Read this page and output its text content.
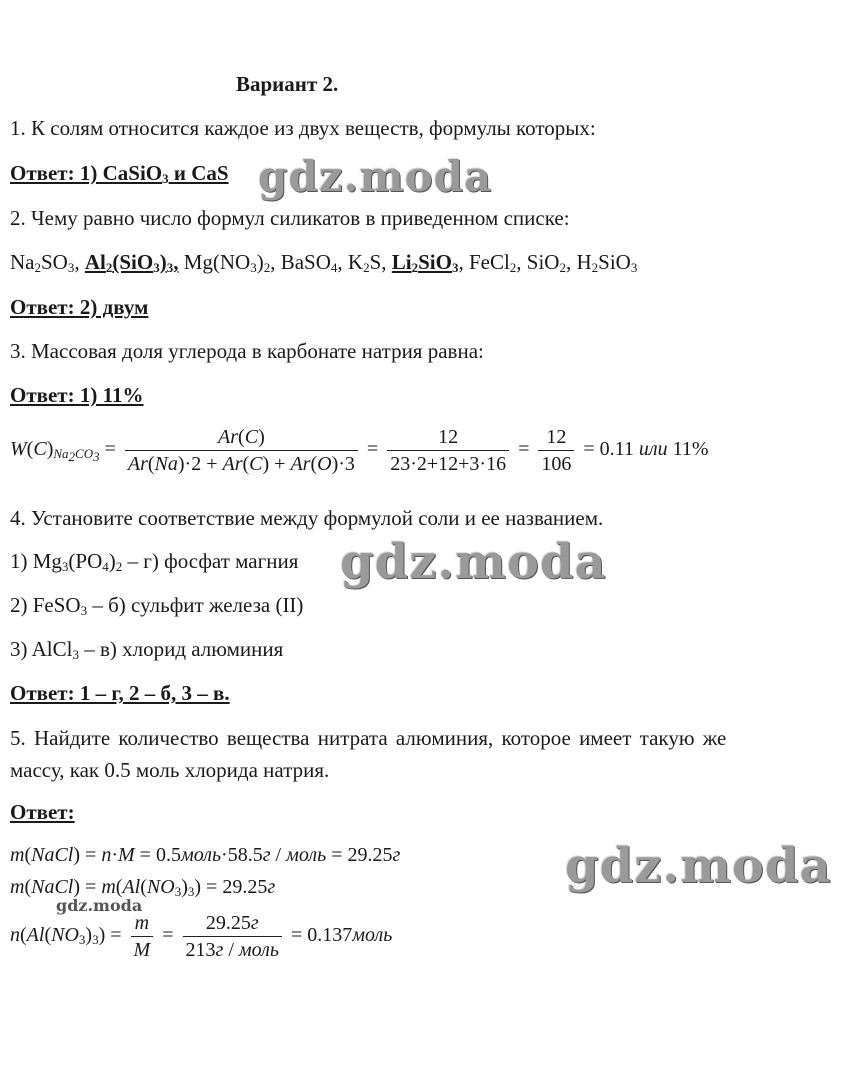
Вариант 2.
1. К солям относится каждое из двух веществ, формулы которых:
Ответ: 1) CaSiO$_3$ и CaS gdz.moda
2. Чему равно число формул силикатов в приведенном списке:
$Na_2SO_3$, $Al_2(SiO_3)_3$, $Mg(NO_3)_2$, BaSO$_4$, $K_2S$, $Li_2SiO_3$, FeCl$_2$, SiO$_2$, $H_2SiO_3$
Ответ: 2) двум
3. Массовая доля углерода в карбонате натрия равна:
Ответ: 1) 11%
$W(C)_{Na_2CO_3} = \frac{Ar(C)}{Ar(Na)\cdot 2 + Ar(C) + Ar(O)\cdot 3} = \frac{12}{23\cdot 2+12+3\cdot 16} = \frac{12}{106} = 0.11$ или 11%
4. Установите соответствие между формулой соли и ее названием.
1) $Mg_3(PO_4)_2 - г$) фосфат магния gdz.moda
2) FeSO$_3$ – б) сульфит железа (II)
3) AlCl$_3$ – в) хлорид алюминия
Ответ: 1 – г, 2 – б, 3 – в.
5. Найдите количество вещества нитрата алюминия, которое имеет такую же
массу, как 0.5 моль хлорида натрия.
Ответ:
m(NaCl) = n·M = 0.5моль·58.5г / моль = 29.25г	gdz.moda
m(NaCl) = $m(Al(NO_3)_3) = 29.25г$
gdz.moda
$n(Al(NO_3)_3) = \frac{m}{M} = \frac{29.25г}{\text{213г / моль}}$ = 0.137моль
